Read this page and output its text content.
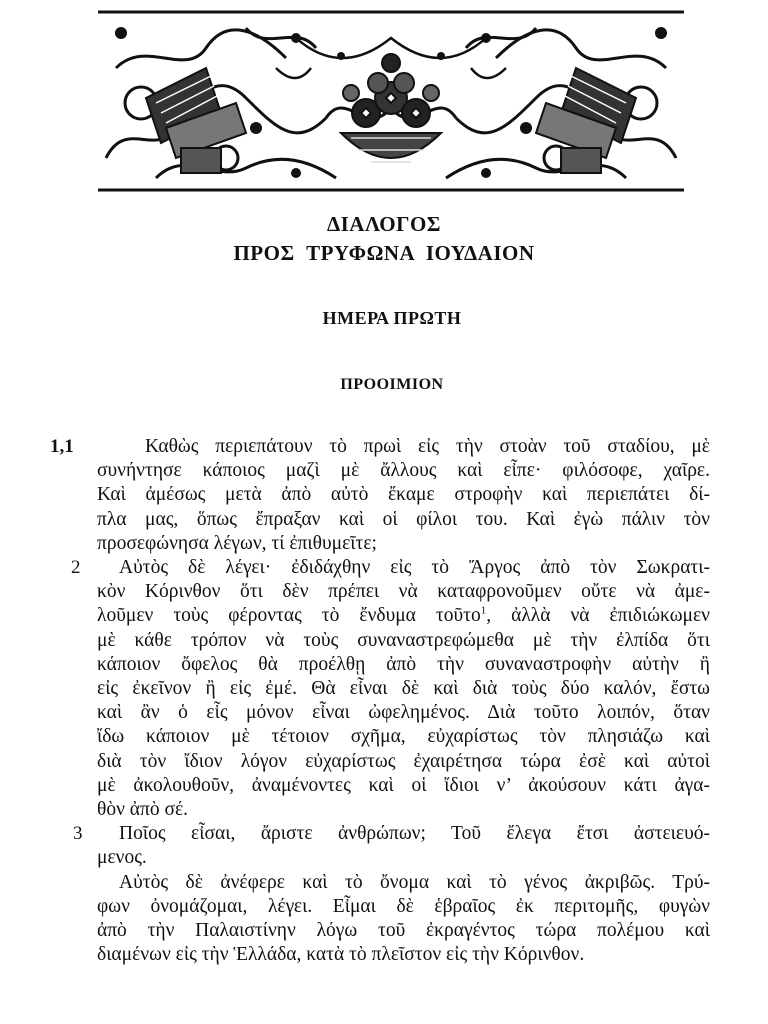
ΔΙΑΛΟΓΟΣ
ΠΡΟΣ ΤΡΥΦΩΝΑ ΙΟΥΔΑΙΟΝ
ΗΜΕΡΑ ΠΡΩΤΗ
ΠΡΟΟΙΜΙΟΝ
1,1	Καθὼς περιεπάτουν τὸ πρωὶ εἰς τὴν στοὰν τοῦ σταδίου, μὲ
συνήντησε κάποιος μαζὶ μὲ ἄλλους καὶ εἶπε· φιλόσοφε, χαῖρε.
Καὶ ἀμέσως μετὰ ἀπὸ αὐτὸ ἔκαμε στροφὴν καὶ περιεπάτει δί-
πλα μας, ὅπως ἔπραξαν καὶ οἱ φίλοι του. Καὶ ἐγὼ πάλιν τὸν
προσεφώνησα λέγων, τί ἐπιθυμεῖτε;
2	Αὐτὸς δὲ λέγει· ἐδιδάχθην εἰς τὸ Ἄργος ἀπὸ τὸν Σωκρατι-
κὸν Κόρινθον ὅτι δὲν πρέπει νὰ καταφρονοῦμεν οὔτε νὰ ἀμε-
λοῦμεν τοὺς φέροντας τὸ ἔνδυμα τοῦτο$^1$, ἀλλὰ νὰ ἐπιδιώκωμεν
μὲ κάθε τρόπον νὰ τοὺς συναναστρεφώμεθα μὲ τὴν ἐλπίδα ὅτι
κάποιον ὄφελος θὰ προέλθῃ ἀπὸ τὴν συναναστροφὴν αὐτὴν ἢ
εἰς ἐκεῖνον ἢ εἰς ἐμέ. Θὰ εἶναι δὲ καὶ διὰ τοὺς δύο καλόν, ἔστω
καὶ ἂν ὁ εἷς μόνον εἶναι ὠφελημένος. Διὰ τοῦτο λοιπόν, ὅταν
ἴδω κάποιον μὲ τέτοιον σχῆμα, εὐχαρίστως τὸν πλησιάζω καὶ
διὰ τὸν ἴδιον λόγον εὐχαρίστως ἐχαιρέτησα τώρα ἐσὲ καὶ αὐτοὶ
μὲ ἀκολουθοῦν, ἀναμένοντες καὶ οἱ ἴδιοι ν’ ἀκούσουν κάτι ἀγα-
θὸν ἀπὸ σέ.
3	Ποῖος εἶσαι, ἄριστε ἀνθρώπων; Τοῦ ἔλεγα ἔτσι ἀστειευό-
μενος.
Αὐτὸς δὲ ἀνέφερε καὶ τὸ ὄνομα καὶ τὸ γένος ἀκριβῶς. Τρύ-
φων ὀνομάζομαι, λέγει. Εἶμαι δὲ ἑβραῖος ἐκ περιτομῆς, φυγὼν
ἀπὸ τὴν Παλαιστίνην λόγω τοῦ ἐκραγέντος τώρα πολέμου καὶ
διαμένων εἰς τὴν Ἑλλάδα, κατὰ τὸ πλεῖστον εἰς τὴν Κόρινθον.
